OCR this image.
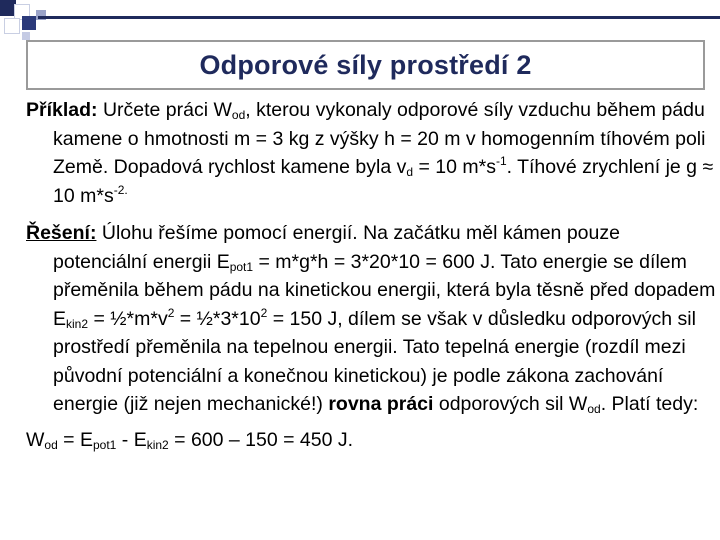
Odporové síly prostředí 2

Příklad: Určete práci $W_{od}$, kterou vykonaly odporové síly vzduchu během pádu kamene o hmotnosti m = 3 kg z výšky h = 20 m v homogenním tíhovém poli Země. Dopadová rychlost kamene byla $v_d = 10$ $m*s^{-1}$. Tíhové zrychlení je g ≈ 10 $m*s^{-2.}$

Řešení: Úlohu řešíme pomocí energií. Na začátku měl kámen pouze potenciální energii $E_{pot1} = m*g*h = 3*20*10 = 600$ J. Tato energie se dílem přeměnila během pádu na kinetickou energii, která byla těsně před dopadem $E_{kin2}$ = $\frac{1}{2}*m*v^2$ = $\frac{1}{2}*3*10^2 = 150$ J, dílem se však v důsledku odporových sil prostředí přeměnila na tepelnou energii. Tato tepelná energie (rozdíl mezi původní potenciální a konečnou kinetickou) je podle zákona zachování energie (již nejen mechanické!) rovna práci odporových sil $W_{od}$. Platí tedy:

$W_{od} = E_{pot1} - E_{kin2} = 600 - 150 = 450$ J.
